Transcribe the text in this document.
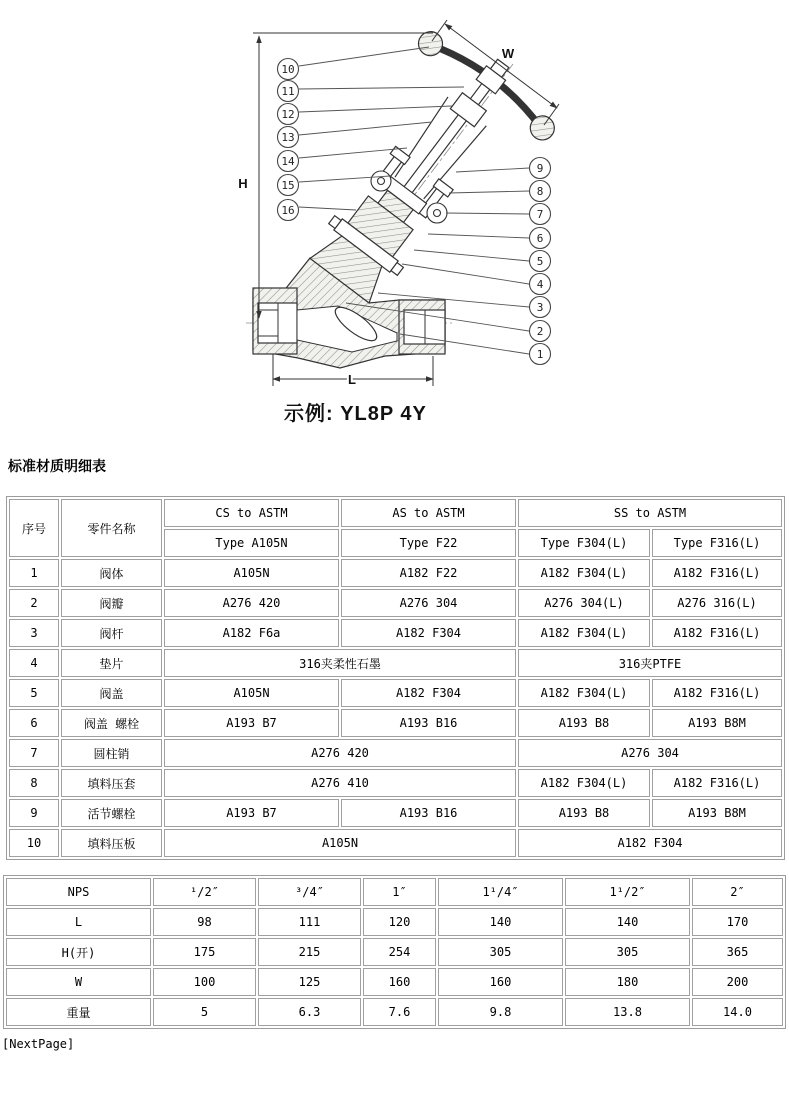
H
W
L
10
11
12
13
14
15
16
9
8
7
6
5
4
3
2
1
示例: YL8P 4Y
标准材质明细表
序号	零件名称	CS to ASTM	AS to ASTM	SS to ASTM	
		Type A105N	Type F22	Type F304(L)	Type F316(L)
1	阀体	A105N	A182 F22	A182 F304(L)	A182 F316(L)
2	阀瓣	A276 420	A276 304	A276 304(L)	A276 316(L)
3	阀杆	A182 F6a	A182 F304	A182 F304(L)	A182 F316(L)
4	垫片	316夹柔性石墨		316夹PTFE	
5	阀盖	A105N	A182 F304	A182 F304(L)	A182 F316(L)
6	阀盖 螺栓	A193 B7	A193 B16	A193 B8	A193 B8M
7	圆柱销	A276 420		A276 304	
8	填料压套	A276 410		A182 F304(L)	A182 F316(L)
9	活节螺栓	A193 B7	A193 B16	A193 B8	A193 B8M
10	填料压板	A105N		A182 F304	
NPS	¹/2″	³/4″	1″	1¹/4″	1¹/2″	2″
L	98	111	120	140	140	170
H(开)	175	215	254	305	305	365
W	100	125	160	160	180	200
重量	5	6.3	7.6	9.8	13.8	14.0
[NextPage]
